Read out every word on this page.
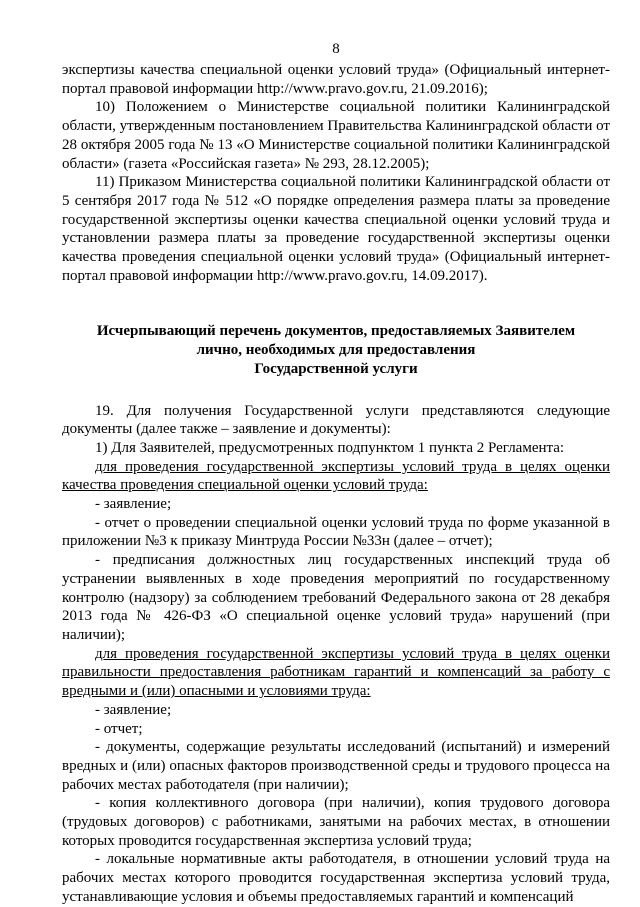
8

экспертизы качества специальной оценки условий труда» (Официальный интернет-портал правовой информации http://www.pravo.gov.ru, 21.09.2016);

10) Положением о Министерстве социальной политики Калининградской области, утвержденным постановлением Правительства Калининградской области от 28 октября 2005 года № 13 «О Министерстве социальной политики Калининградской области» (газета «Российская газета» № 293, 28.12.2005);

11) Приказом Министерства социальной политики Калининградской области от 5 сентября 2017 года № 512 «О порядке определения размера платы за проведение государственной экспертизы оценки качества специальной оценки условий труда и установлении размера платы за проведение государственной экспертизы оценки качества проведения специальной оценки условий труда» (Официальный интернет-портал правовой информации http://www.pravo.gov.ru, 14.09.2017).

Исчерпывающий перечень документов, предоставляемых Заявителем
лично, необходимых для предоставления
Государственной услуги

19. Для получения Государственной услуги представляются следующие документы (далее также – заявление и документы):

1) Для Заявителей, предусмотренных подпунктом 1 пункта 2 Регламента:

для проведения государственной экспертизы условий труда в целях оценки качества проведения специальной оценки условий труда:

- заявление;

- отчет о проведении специальной оценки условий труда по форме указанной в приложении №3 к приказу Минтруда России №33н (далее – отчет);

- предписания должностных лиц государственных инспекций труда об устранении выявленных в ходе проведения мероприятий по государственному контролю (надзору) за соблюдением требований Федерального закона от 28 декабря 2013 года № 426-ФЗ «О специальной оценке условий труда» нарушений (при наличии);

для проведения государственной экспертизы условий труда в целях оценки правильности предоставления работникам гарантий и компенсаций за работу с вредными и (или) опасными и условиями труда:

- заявление;

- отчет;

- документы, содержащие результаты исследований (испытаний) и измерений вредных и (или) опасных факторов производственной среды и трудового процесса на рабочих местах работодателя (при наличии);

- копия коллективного договора (при наличии), копия трудового договора (трудовых договоров) с работниками, занятыми на рабочих местах, в отношении которых проводится государственная экспертиза условий труда;

- локальные нормативные акты работодателя, в отношении условий труда на рабочих местах которого проводится государственная экспертиза условий труда, устанавливающие условия и объемы предоставляемых гарантий и компенсаций
